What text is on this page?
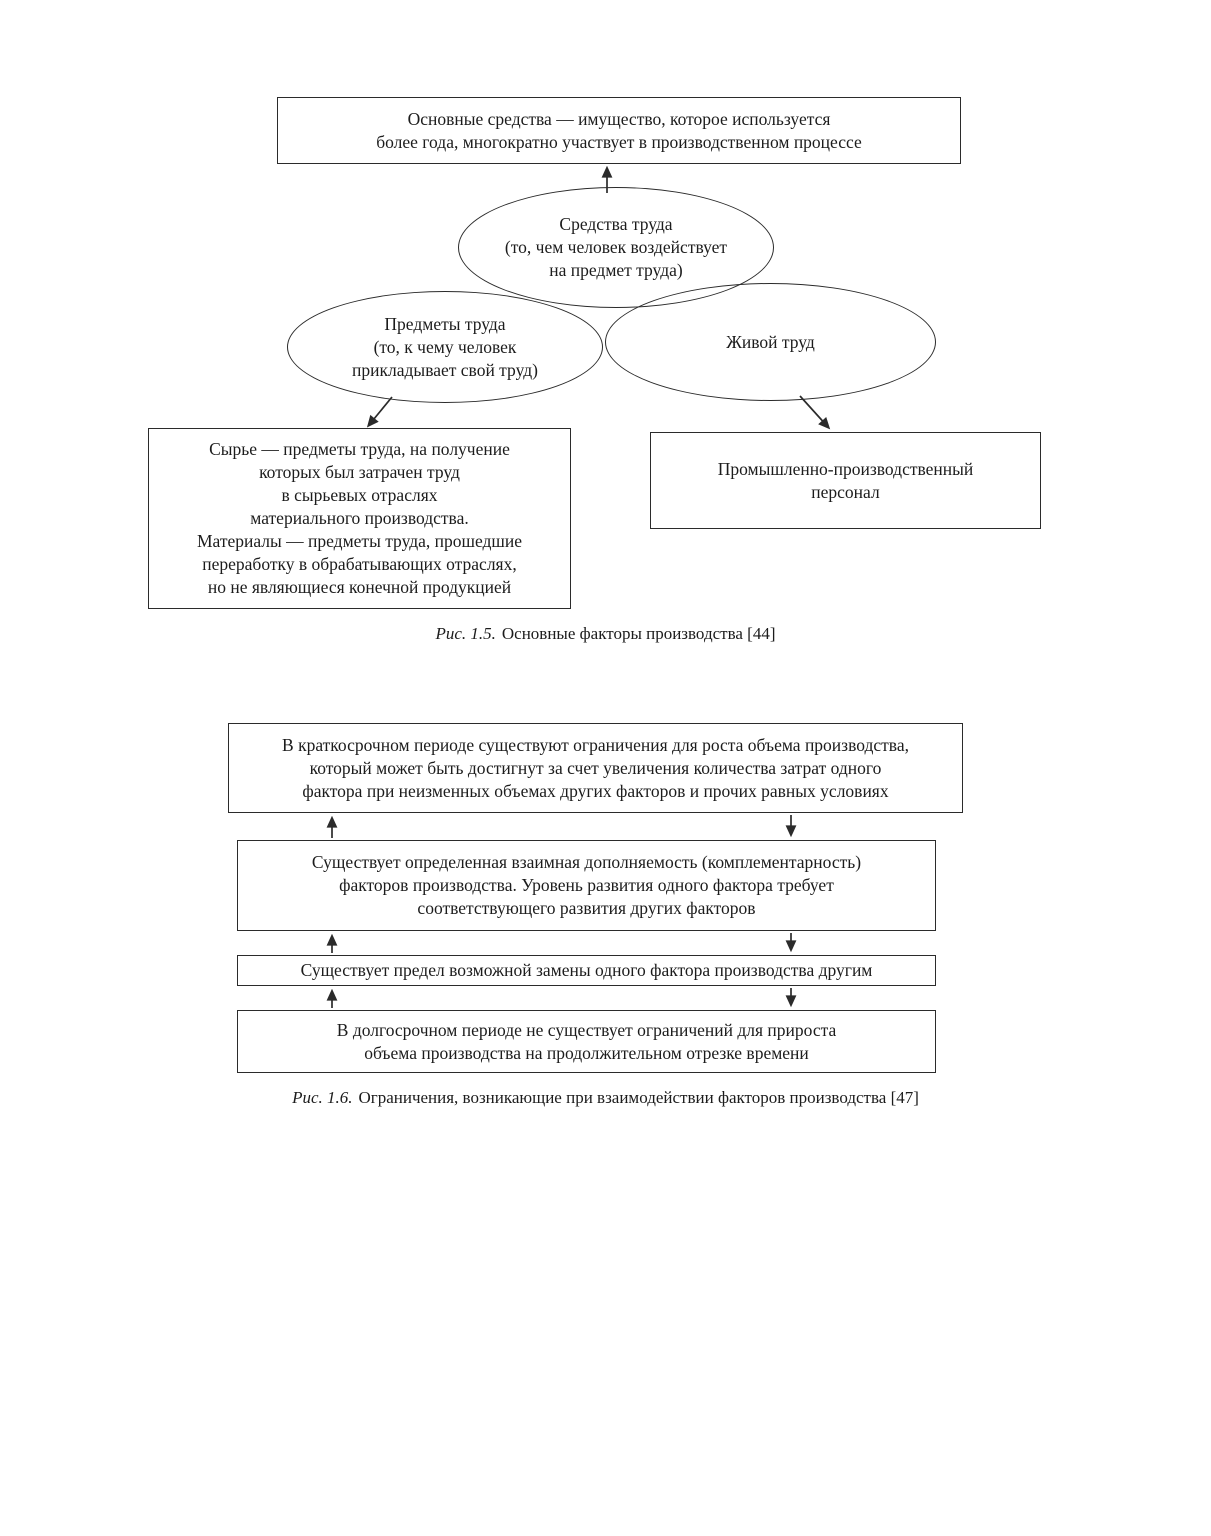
Основные средства — имущество, которое используется
более года, многократно участвует в производственном процессе
Средства труда
(то, чем человек воздействует
на предмет труда)
Предметы труда
(то, к чему человек
прикладывает свой труд)
Живой труд
Сырье — предметы труда, на получение
которых был затрачен труд
в сырьевых отраслях
материального производства.
Материалы — предметы труда, прошедшие
переработку в обрабатывающих отраслях,
но не являющиеся конечной продукцией
Промышленно-производственный
персонал
Рис. 1.5. Основные факторы производства [44]
В краткосрочном периоде существуют ограничения для роста объема производства,
который может быть достигнут за счет увеличения количества затрат одного
фактора при неизменных объемах других факторов и прочих равных условиях
Существует определенная взаимная дополняемость (комплементарность)
факторов производства. Уровень развития одного фактора требует
соответствующего развития других факторов
Существует предел возможной замены одного фактора производства другим
В долгосрочном периоде не существует ограничений для прироста
объема производства на продолжительном отрезке времени
Рис. 1.6. Ограничения, возникающие при взаимодействии факторов производства [47]
